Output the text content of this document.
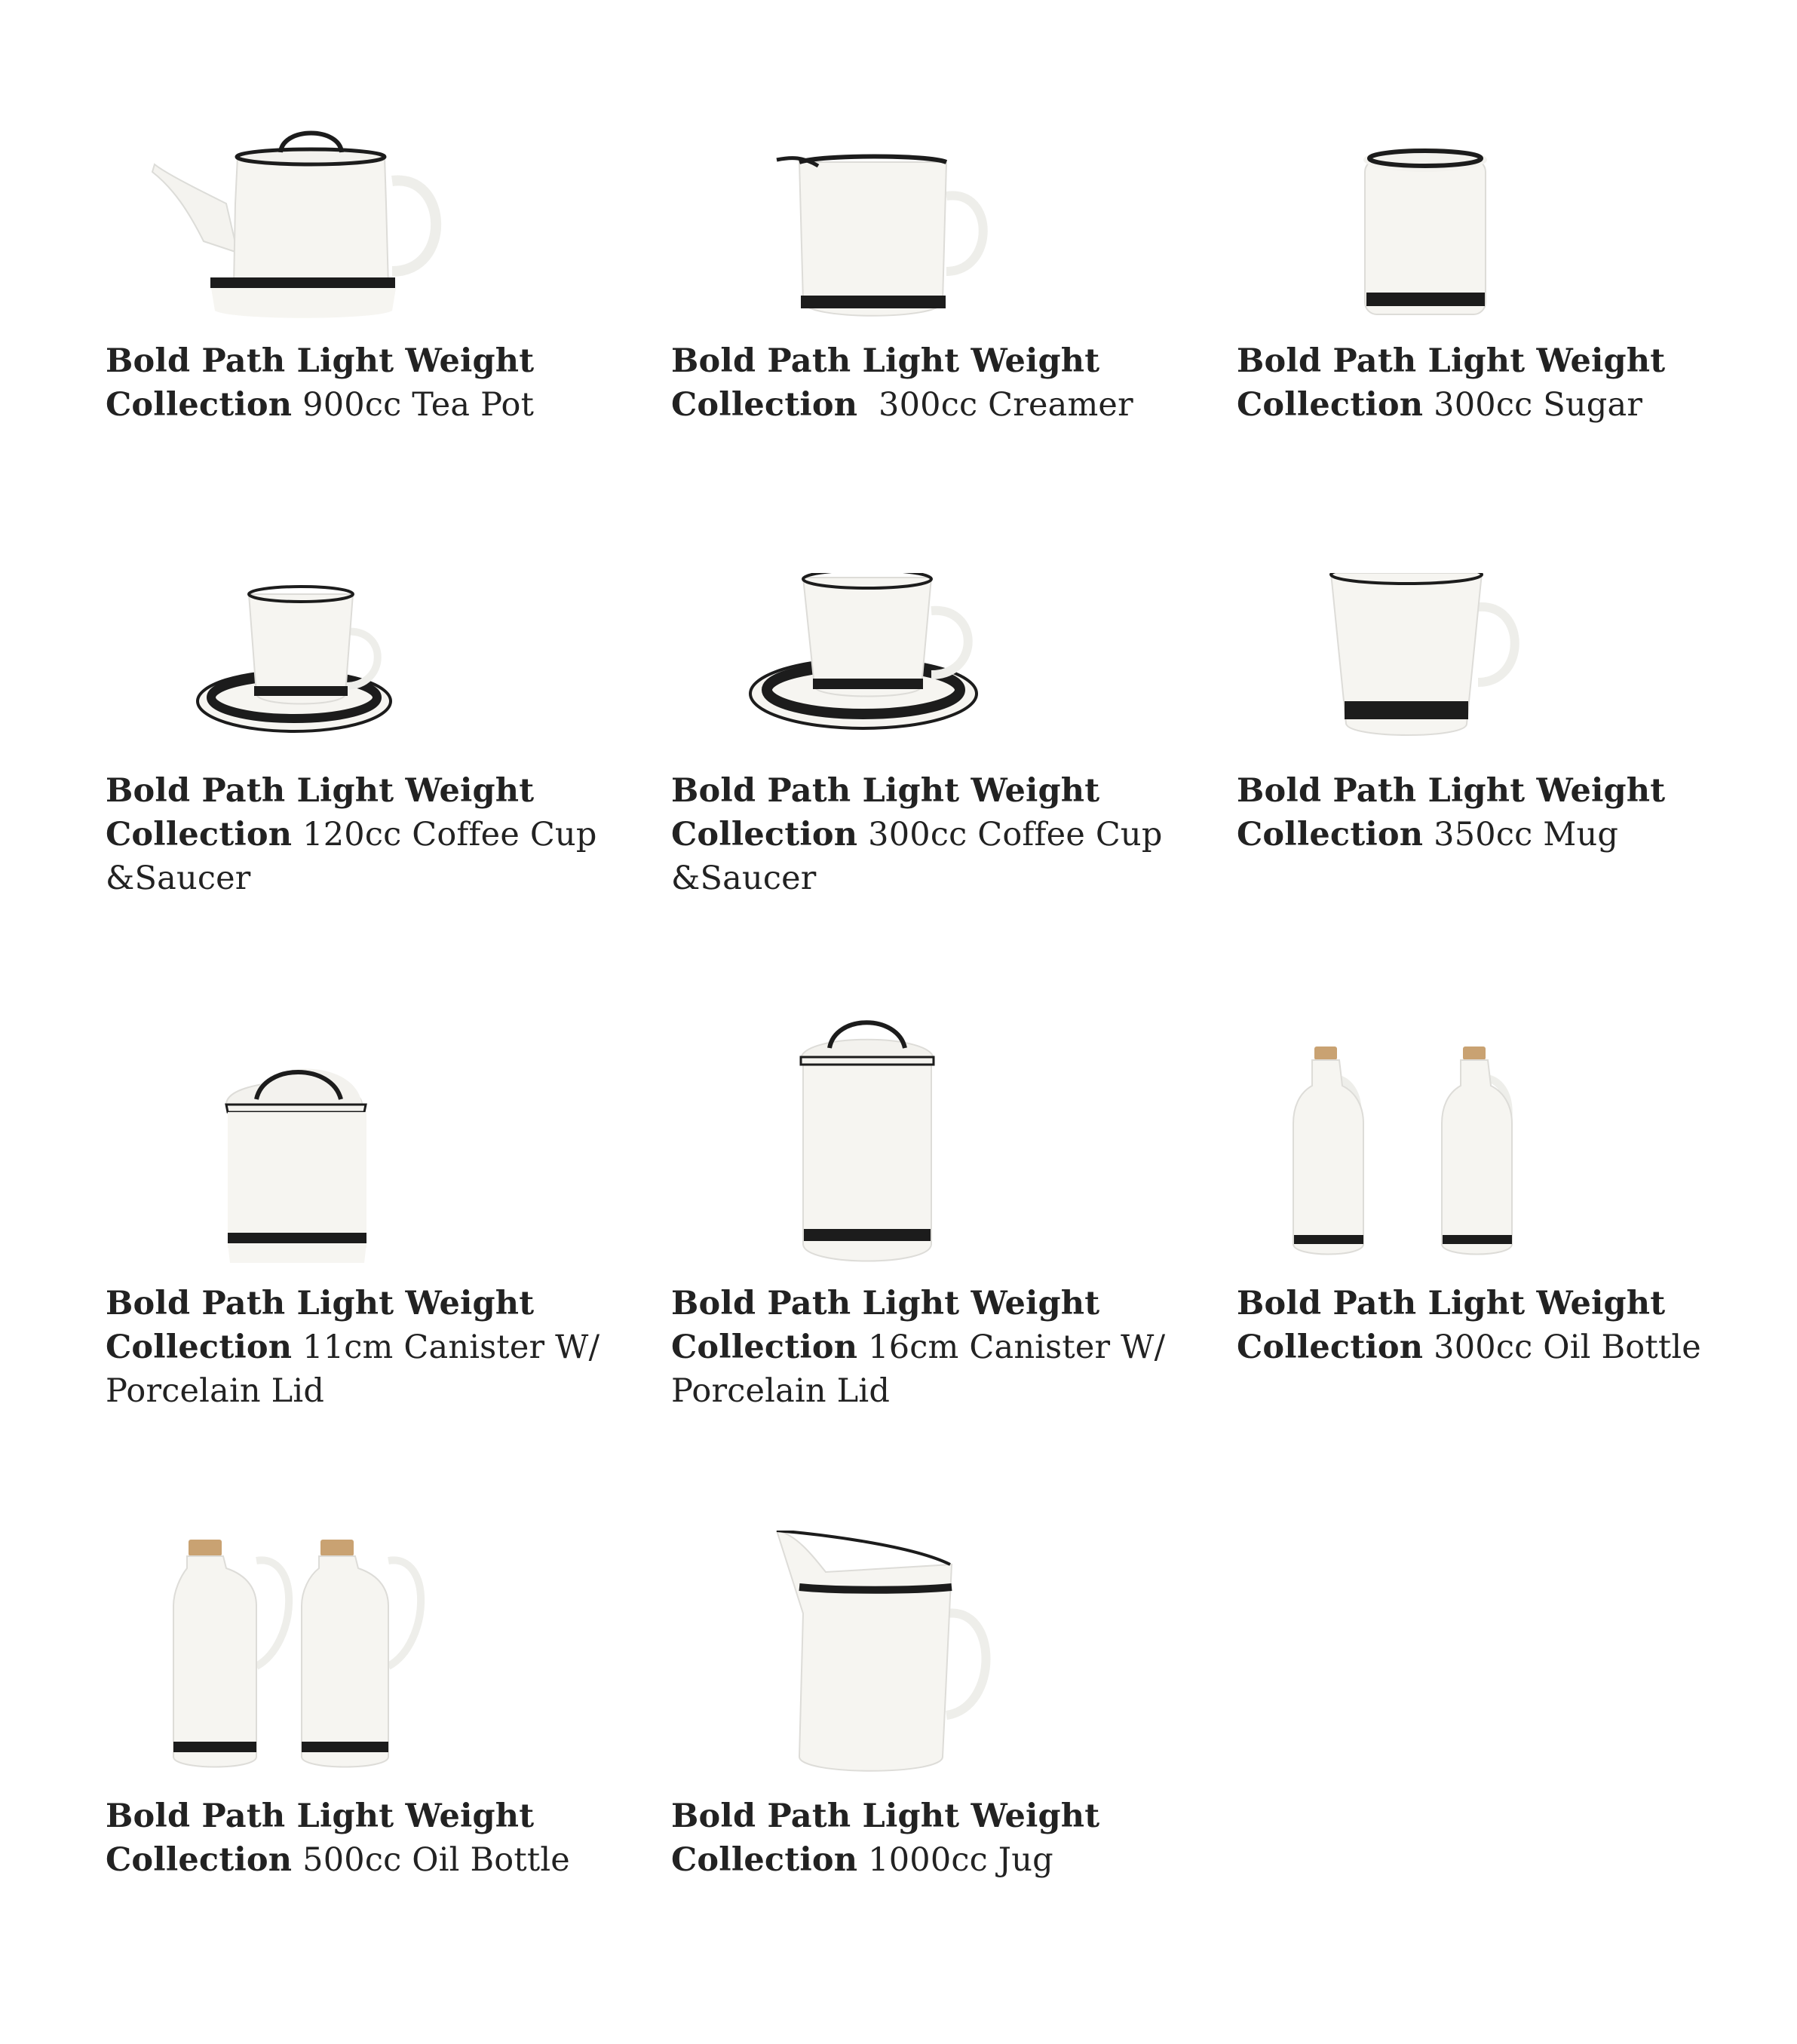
Bold Path Light Weight
Collection 900cc Tea Pot
Bold Path Light Weight
Collection 300cc Creamer
Bold Path Light Weight
Collection 300cc Sugar
Bold Path Light Weight
Collection 120cc Coffee Cup &Saucer
Bold Path Light Weight
Collection 300cc Coffee Cup &Saucer
Bold Path Light Weight
Collection 350cc Mug
Bold Path Light Weight
Collection 11cm Canister W/ Porcelain Lid
Bold Path Light Weight
Collection 16cm Canister W/ Porcelain Lid
Bold Path Light Weight
Collection 300cc Oil Bottle
Bold Path Light Weight
Collection 500cc Oil Bottle
Bold Path Light Weight
Collection 1000cc Jug
